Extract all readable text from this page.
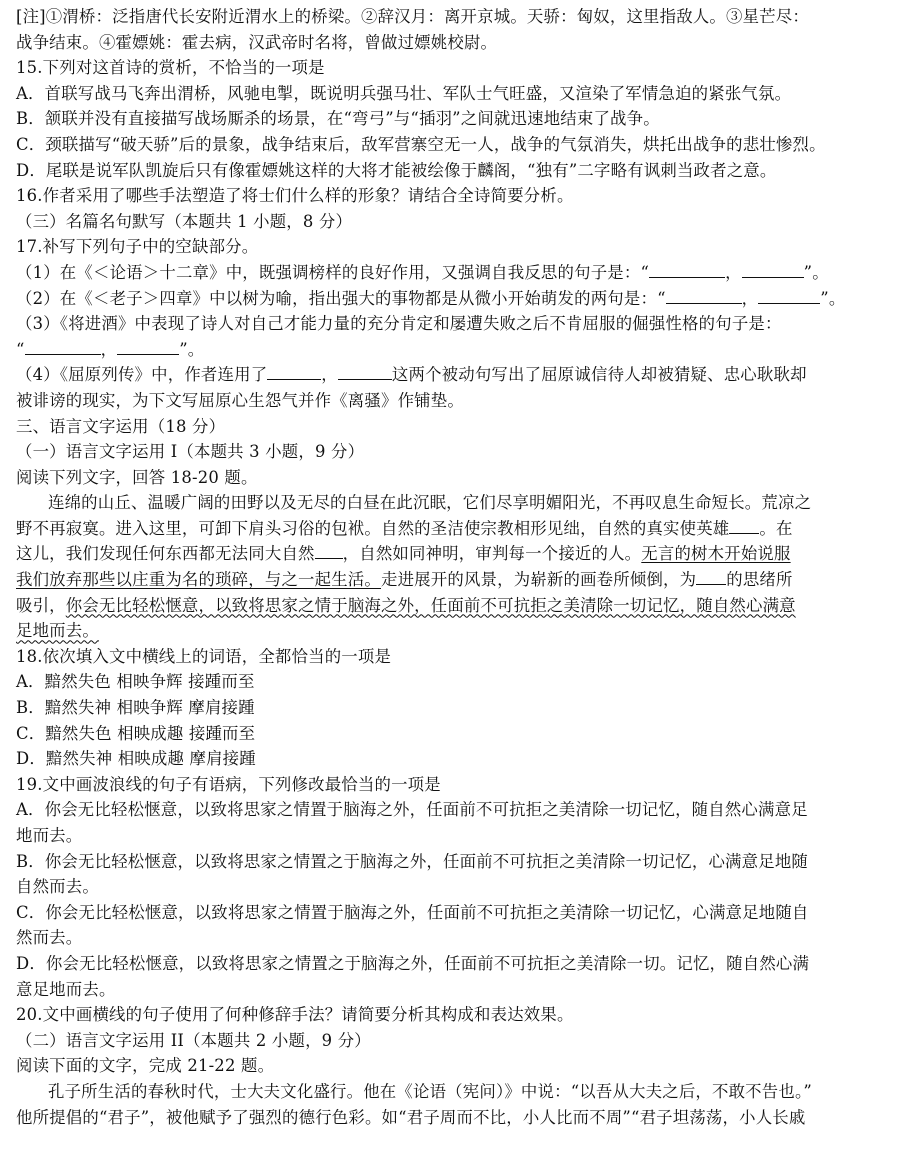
[注]①渭桥：泛指唐代长安附近渭水上的桥梁。②辞汉月：离开京城。天骄：匈奴，这里指敌人。③星芒尽：
战争结束。④霍嫖姚：霍去病，汉武帝时名将，曾做过嫖姚校尉。
15.下列对这首诗的赏析，不恰当的一项是
A．首联写战马飞奔出渭桥，风驰电掣，既说明兵强马壮、军队士气旺盛，又渲染了军情急迫的紧张气氛。
B．颔联并没有直接描写战场厮杀的场景，在“弯弓”与“插羽”之间就迅速地结束了战争。
C．颈联描写“破天骄”后的景象，战争结束后，敌军营寨空无一人，战争的气氛消失，烘托出战争的悲壮惨烈。
D．尾联是说军队凯旋后只有像霍嫖姚这样的大将才能被绘像于麟阁，“独有”二字略有讽刺当政者之意。
16.作者采用了哪些手法塑造了将士们什么样的形象？请结合全诗简要分析。
（三）名篇名句默写（本题共 1 小题，8 分）
17.补写下列句子中的空缺部分。
（1）在《＜论语＞十二章》中，既强调榜样的良好作用，又强调自我反思的句子是：“	，	”。
（2）在《＜老子＞四章》中以树为喻，指出强大的事物都是从微小开始萌发的两句是：“	，	”。
（3）《将进酒》中表现了诗人对自己才能力量的充分肯定和屡遭失败之后不肯屈服的倔强性格的句子是：
“	，	”。
（4）《屈原列传》中，作者连用了	，	这两个被动句写出了屈原诚信待人却被猜疑、忠心耿耿却
被诽谤的现实，为下文写屈原心生怨气并作《离骚》作铺垫。
三、语言文字运用（18 分）
（一）语言文字运用 I（本题共 3 小题，9 分）
阅读下列文字，回答 18-20 题。
连绵的山丘、温暖广阔的田野以及无尽的白昼在此沉眠，它们尽享明媚阳光，不再叹息生命短长。荒凉之
野不再寂寞。进入这里，可卸下肩头习俗的包袱。自然的圣洁使宗教相形见绌，自然的真实使英雄 。在
这儿，我们发现任何东西都无法同大自然 ，自然如同神明，审判每一个接近的人。无言的树木开始说服
我们放弃那些以庄重为名的琐碎，与之一起生活。走进展开的风景，为崭新的画卷所倾倒，为 的思绪所
吸引，你会无比轻松惬意，以致将思家之情于脑海之外，任面前不可抗拒之美清除一切记忆，随自然心满意
足地而去。
18.依次填入文中横线上的词语，全都恰当的一项是
A．黯然失色 相映争辉 接踵而至
B．黯然失神 相映争辉 摩肩接踵
C．黯然失色 相映成趣 接踵而至
D．黯然失神 相映成趣 摩肩接踵
19.文中画波浪线的句子有语病，下列修改最恰当的一项是
A．你会无比轻松惬意，以致将思家之情置于脑海之外，任面前不可抗拒之美清除一切记忆，随自然心满意足
地而去。
B．你会无比轻松惬意，以致将思家之情置之于脑海之外，任面前不可抗拒之美清除一切记忆，心满意足地随
自然而去。
C．你会无比轻松惬意，以致将思家之情置于脑海之外，任面前不可抗拒之美清除一切记忆，心满意足地随自
然而去。
D．你会无比轻松惬意，以致将思家之情置之于脑海之外，任面前不可抗拒之美清除一切。记忆，随自然心满
意足地而去。
20.文中画横线的句子使用了何种修辞手法？请简要分析其构成和表达效果。
（二）语言文字运用 II（本题共 2 小题，9 分）
阅读下面的文字，完成 21-22 题。
孔子所生活的春秋时代，士大夫文化盛行。他在《论语（宪问）》中说：“以吾从大夫之后，不敢不告也。”
他所提倡的“君子”，被他赋予了强烈的德行色彩。如“君子周而不比，小人比而不周”“君子坦荡荡，小人长戚
